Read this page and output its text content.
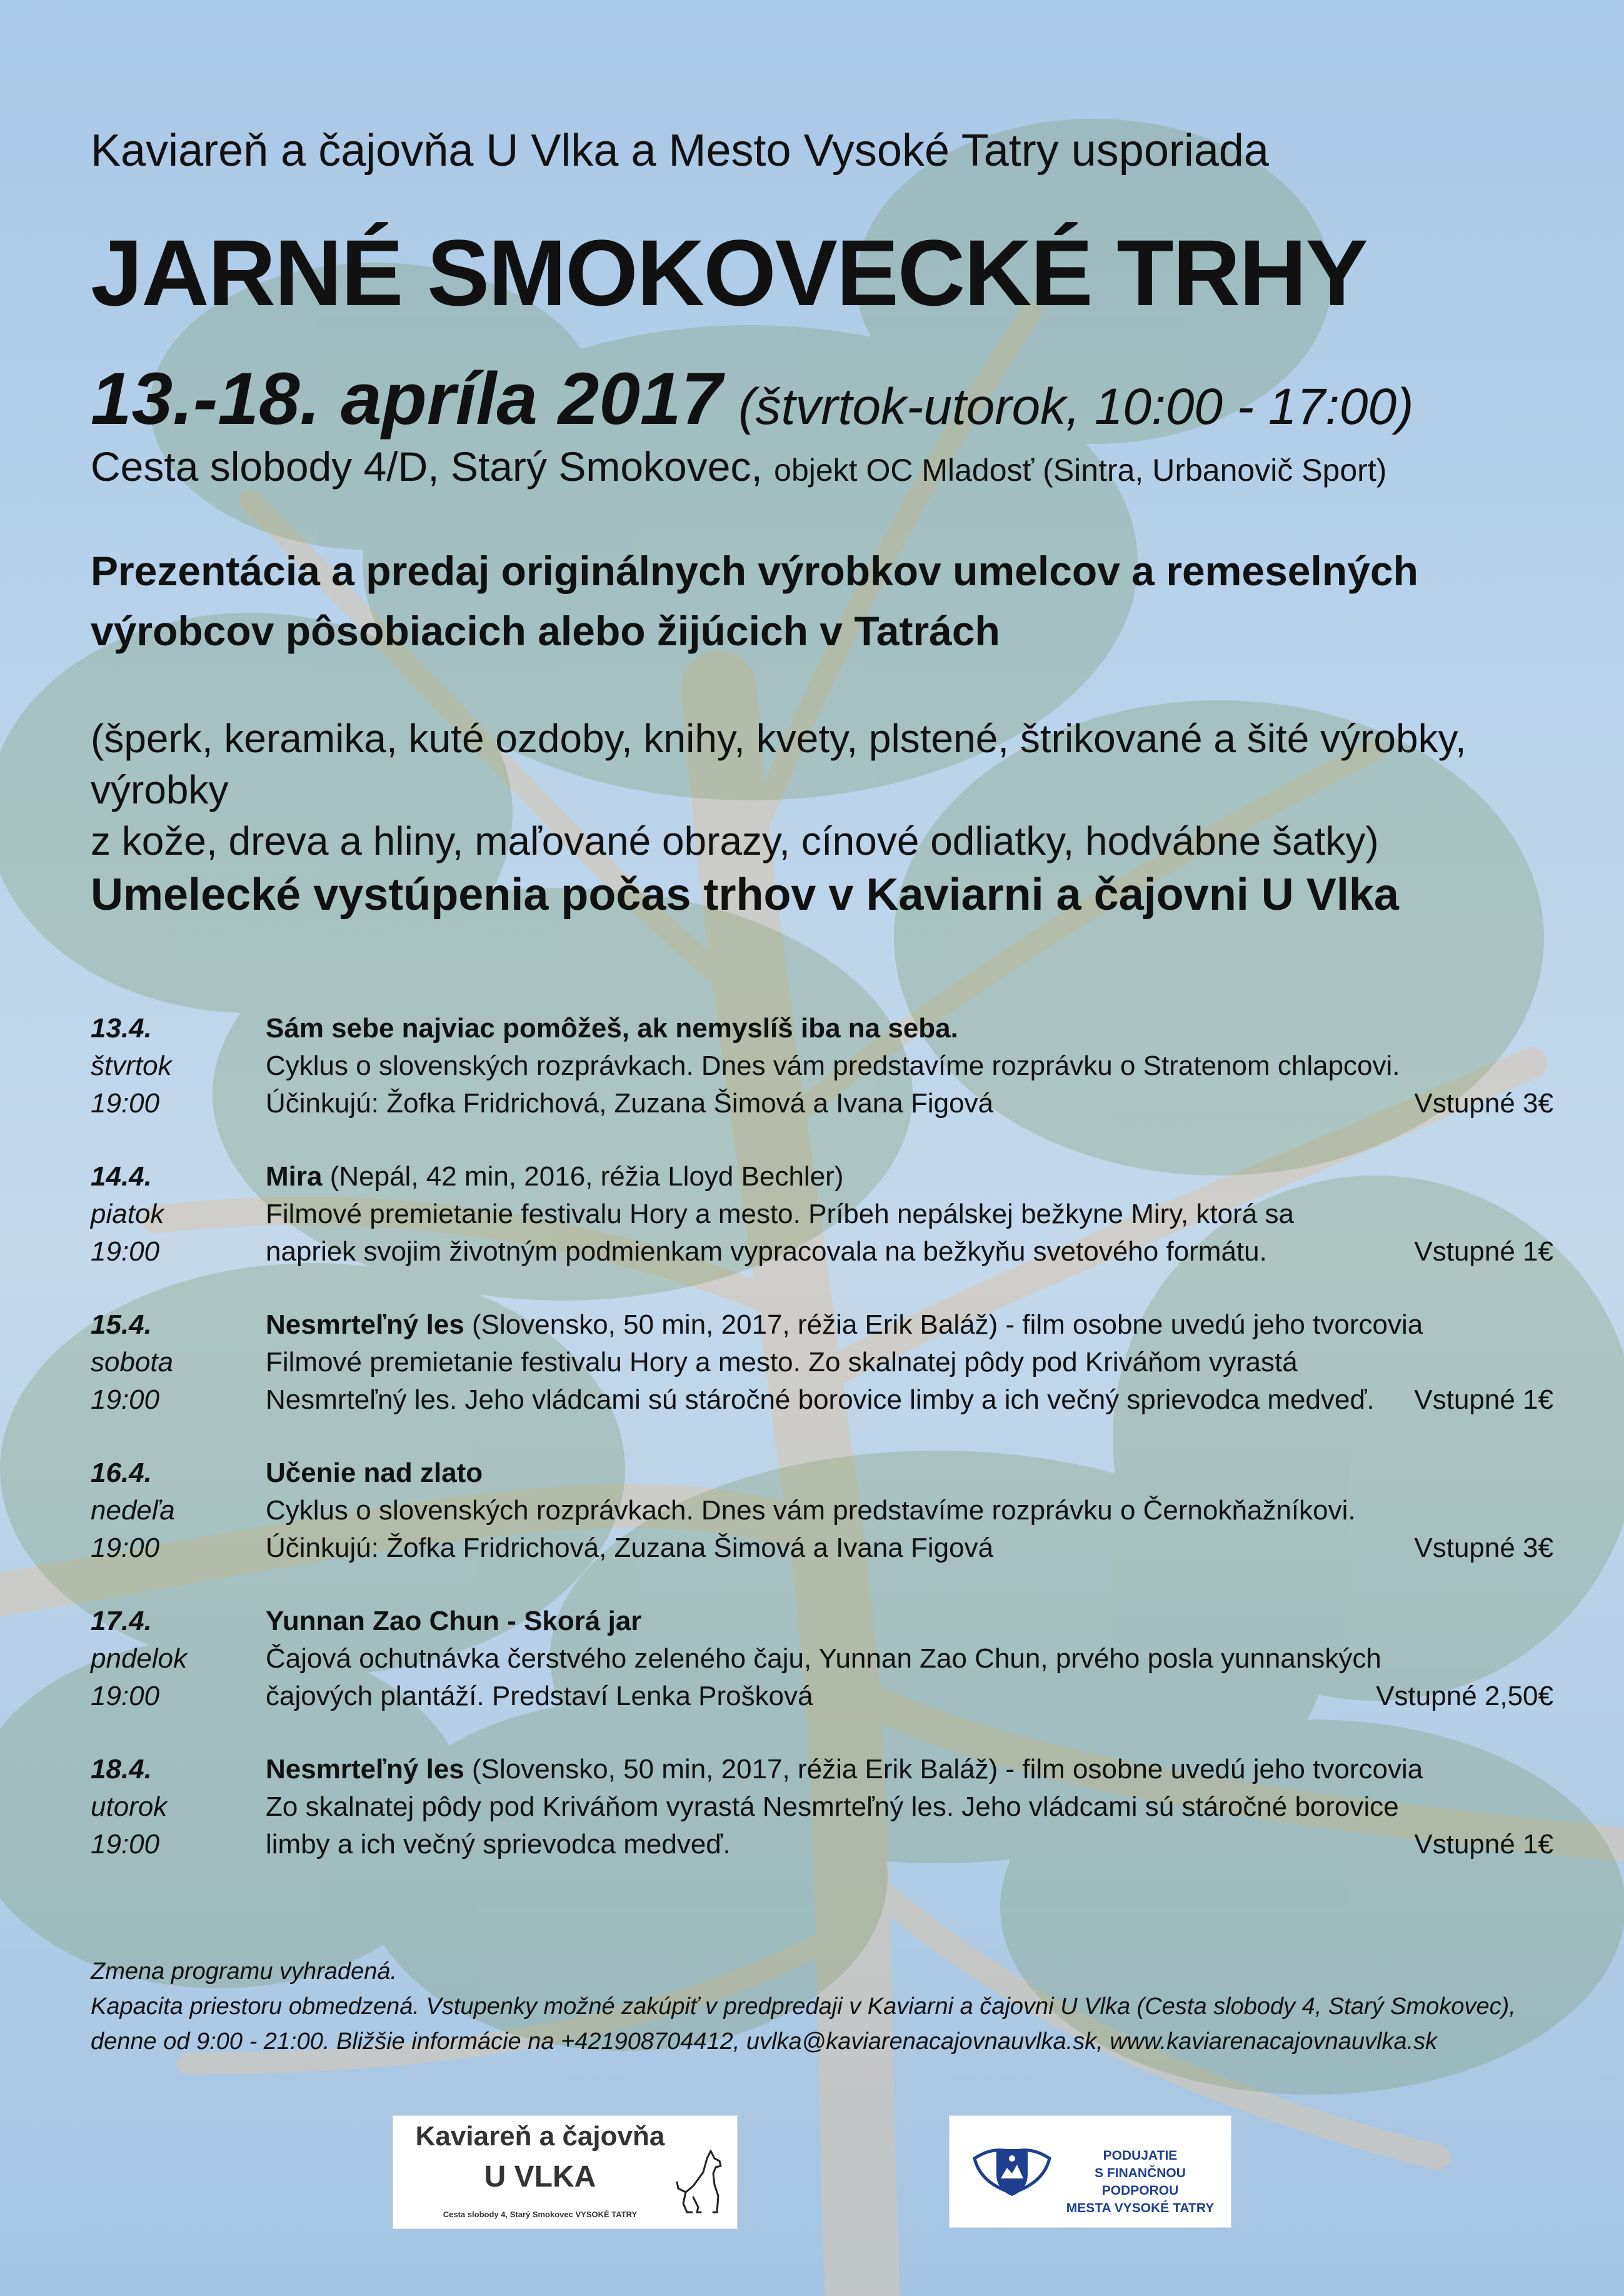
Kaviareň a čajovňa U Vlka a Mesto Vysoké Tatry usporiada
JARNÉ SMOKOVECKÉ TRHY
13.-18. apríla 2017 (štvrtok-utorok, 10:00 - 17:00)
Cesta slobody 4/D, Starý Smokovec, objekt OC Mladosť (Sintra, Urbanovič Sport)
Prezentácia a predaj originálnych výrobkov umelcov a remeselných
výrobcov pôsobiacich alebo žijúcich v Tatrách
(šperk, keramika, kuté ozdoby, knihy, kvety, plstené, štrikované a šité výrobky, výrobky
z kože, dreva a hliny, maľované obrazy, cínové odliatky, hodvábne šatky)
Umelecké vystúpenia počas trhov v Kaviarni a čajovni U Vlka
13.4.
štvrtok
19:00
Sám sebe najviac pomôžeš, ak nemyslíš iba na seba.
Cyklus o slovenských rozprávkach. Dnes vám predstavíme rozprávku o Stratenom chlapcovi.
Účinkujú: Žofka Fridrichová, Zuzana Šimová a Ivana Figová	Vstupné 3€
14.4.
piatok
19:00
Mira (Nepál, 42 min, 2016, réžia Lloyd Bechler)
Filmové premietanie festivalu Hory a mesto. Príbeh nepálskej bežkyne Miry, ktorá sa
napriek svojim životným podmienkam vypracovala na bežkyňu svetového formátu.	Vstupné 1€
15.4.
sobota
19:00
Nesmrteľný les (Slovensko, 50 min, 2017, réžia Erik Baláž) - film osobne uvedú jeho tvorcovia
Filmové premietanie festivalu Hory a mesto. Zo skalnatej pôdy pod Kriváňom vyrastá
Nesmrteľný les. Jeho vládcami sú stáročné borovice limby a ich večný sprievodca medveď. Vstupné 1€
16.4.
nedeľa
19:00
Učenie nad zlato
Cyklus o slovenských rozprávkach. Dnes vám predstavíme rozprávku o Černokňažníkovi.
Účinkujú: Žofka Fridrichová, Zuzana Šimová a Ivana Figová	Vstupné 3€
17.4.
pndelok
19:00
Yunnan Zao Chun - Skorá jar
Čajová ochutnávka čerstvého zeleného čaju, Yunnan Zao Chun, prvého posla yunnanských
čajových plantáží. Predstaví Lenka Prošková	Vstupné 2,50€
18.4.
utorok
19:00
Nesmrteľný les (Slovensko, 50 min, 2017, réžia Erik Baláž) - film osobne uvedú jeho tvorcovia
Zo skalnatej pôdy pod Kriváňom vyrastá Nesmrteľný les. Jeho vládcami sú stáročné borovice
limby a ich večný sprievodca medveď.	Vstupné 1€
Zmena programu vyhradená.
Kapacita priestoru obmedzená. Vstupenky možné zakúpiť v predpredaji v Kaviarni a čajovni U Vlka (Cesta slobody 4, Starý Smokovec),
denne od 9:00 - 21:00. Bližšie informácie na +421908704412, uvlka@kaviarenacajovnauvlka.sk, www.kaviarenacajovnauvlka.sk
Kaviareň a čajovňa
U VLKA
Cesta slobody 4, Starý Smokovec VYSOKÉ TATRY
PODUJATIE
S FINANČNOU PODPOROU
MESTA VYSOKÉ TATRY
